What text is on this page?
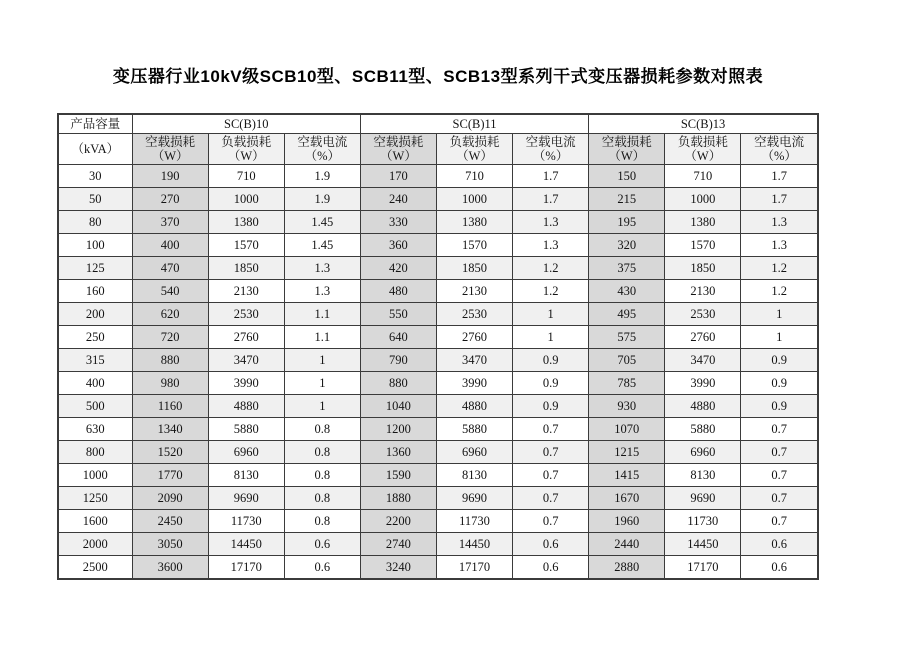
变压器行业10kV级SCB10型、SCB11型、SCB13型系列干式变压器损耗参数对照表
产品容量	SC(B)10			SC(B)11			SC(B)13		
（kVA）	空载损耗（W）	负载损耗（W）	空载电流（%）	空载损耗（W）	负载损耗（W）	空载电流（%）	空载损耗（W）	负载损耗（W）	空载电流（%）
30	190	710	1.9	170	710	1.7	150	710	1.7
50	270	1000	1.9	240	1000	1.7	215	1000	1.7
80	370	1380	1.45	330	1380	1.3	195	1380	1.3
100	400	1570	1.45	360	1570	1.3	320	1570	1.3
125	470	1850	1.3	420	1850	1.2	375	1850	1.2
160	540	2130	1.3	480	2130	1.2	430	2130	1.2
200	620	2530	1.1	550	2530	1	495	2530	1
250	720	2760	1.1	640	2760	1	575	2760	1
315	880	3470	1	790	3470	0.9	705	3470	0.9
400	980	3990	1	880	3990	0.9	785	3990	0.9
500	1160	4880	1	1040	4880	0.9	930	4880	0.9
630	1340	5880	0.8	1200	5880	0.7	1070	5880	0.7
800	1520	6960	0.8	1360	6960	0.7	1215	6960	0.7
1000	1770	8130	0.8	1590	8130	0.7	1415	8130	0.7
1250	2090	9690	0.8	1880	9690	0.7	1670	9690	0.7
1600	2450	11730	0.8	2200	11730	0.7	1960	11730	0.7
2000	3050	14450	0.6	2740	14450	0.6	2440	14450	0.6
2500	3600	17170	0.6	3240	17170	0.6	2880	17170	0.6
